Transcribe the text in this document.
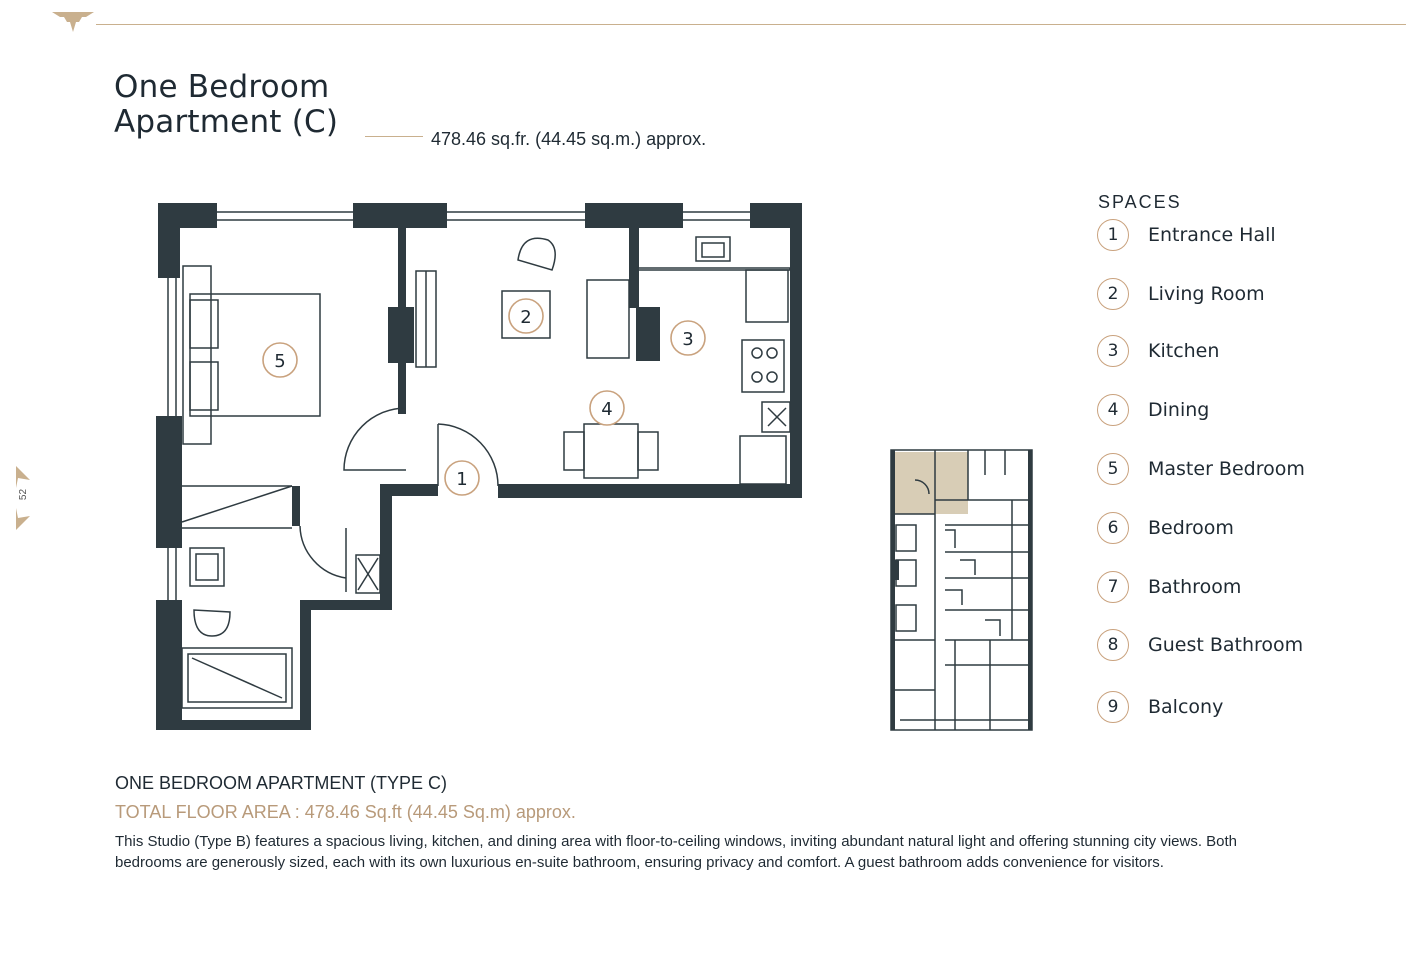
52
One Bedroom
Apartment (C)	478.46 sq.fr. (44.45 sq.m.) approx.
5
2
3
4
1
SPACES
1	Entrance Hall
2	Living Room
3	Kitchen
4	Dining
5	Master Bedroom
6	Bedroom
7	Bathroom
8	Guest Bathroom
9	Balcony
ONE BEDROOM APARTMENT (TYPE C)
TOTAL FLOOR AREA : 478.46 Sq.ft (44.45 Sq.m) approx.
This Studio (Type B) features a spacious living, kitchen, and dining area with floor-to-ceiling windows, inviting abundant natural light and offering stunning city views. Both bedrooms are generously sized, each with its own luxurious en-suite bathroom, ensuring privacy and comfort. A guest bathroom adds convenience for visitors.
